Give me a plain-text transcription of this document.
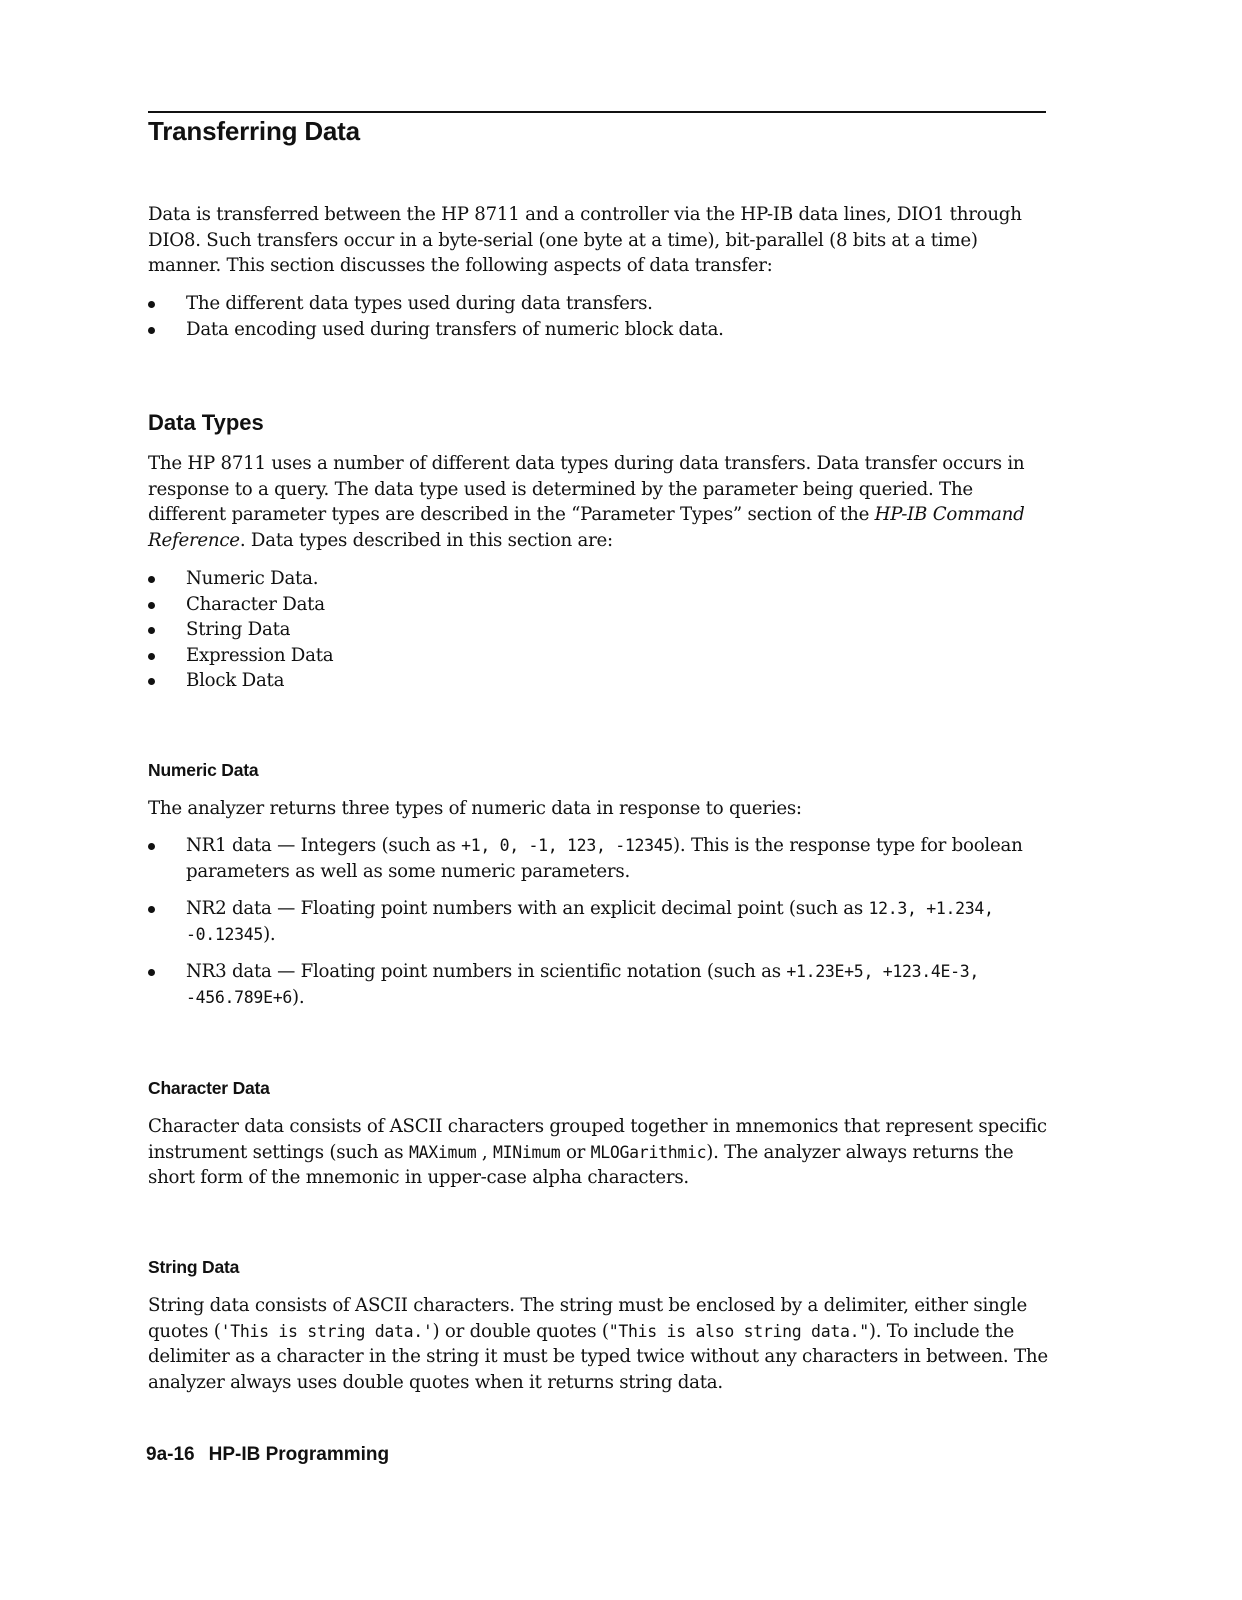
Transferring Data

Data is transferred between the HP 8711 and a controller via the HP-IB data lines, DIO1 through DIO8. Such transfers occur in a byte-serial (one byte at a time), bit-parallel (8 bits at a time) manner. This section discusses the following aspects of data transfer:

The different data types used during data transfers.
Data encoding used during transfers of numeric block data.
Data Types

The HP 8711 uses a number of different data types during data transfers. Data transfer occurs in response to a query. The data type used is determined by the parameter being queried. The different parameter types are described in the “Parameter Types” section of the HP-IB Command Reference. Data types described in this section are:

Numeric Data.
Character Data
String Data
Expression Data
Block Data
Numeric Data

The analyzer returns three types of numeric data in response to queries:

NR1 data — Integers (such as +1, 0, -1, 123, -12345). This is the response type for boolean parameters as well as some numeric parameters.
NR2 data — Floating point numbers with an explicit decimal point (such as 12.3, +1.234, -0.12345).
NR3 data — Floating point numbers in scientific notation (such as +1.23E+5, +123.4E-3, -456.789E+6).
Character Data

Character data consists of ASCII characters grouped together in mnemonics that represent specific instrument settings (such as MAXimum , MINimum or MLOGarithmic). The analyzer always returns the short form of the mnemonic in upper-case alpha characters.

String Data

String data consists of ASCII characters. The string must be enclosed by a delimiter, either single quotes ('This is string data.') or double quotes ("This is also string data."). To include the delimiter as a character in the string it must be typed twice without any characters in between. The analyzer always uses double quotes when it returns string data.

9a-16 HP-IB Programming
